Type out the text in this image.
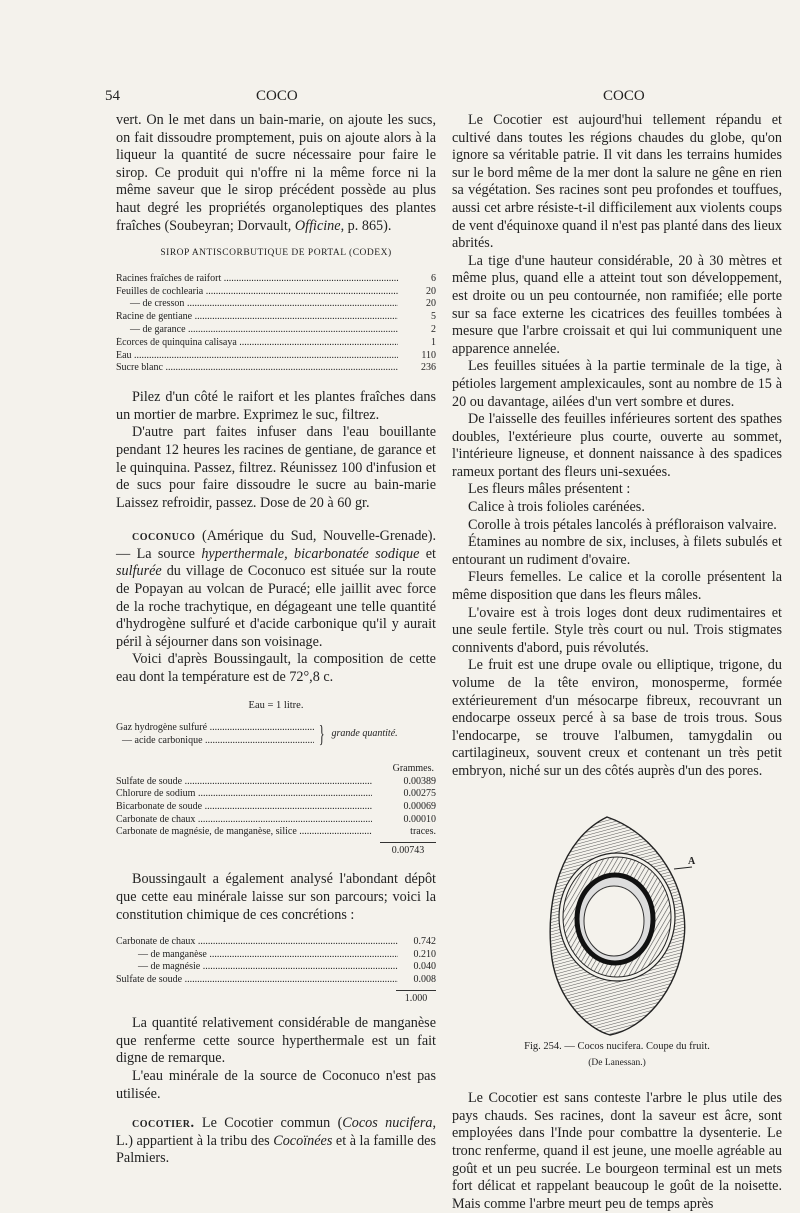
54	COCO	COCO

vert. On le met dans un bain-marie, on ajoute les sucs, on fait dissoudre promptement, puis on ajoute alors à la liqueur la quantité de sucre nécessaire pour faire le sirop. Ce produit qui n'offre ni la même force ni la même saveur que le sirop précédent possède au plus haut degré les propriétés organoleptiques des plantes fraîches (Soubeyran; Dorvault, Officine, p. 865).

SIROP ANTISCORBUTIQUE DE PORTAL (CODEX)
Racines fraîches de raifort .....	6
Feuilles de cochlearia .....	20
— de cresson .....	20
Racine de gentiane .....	5
— de garance .....	2
Écorces de quinquina calisaya .....	1
Eau .....	110
Sucre blanc .....	236

Pilez d'un côté le raifort et les plantes fraîches dans un mortier de marbre. Exprimez le suc, filtrez.

D'autre part faites infuser dans l'eau bouillante pendant 12 heures les racines de gentiane, de garance et le quinquina. Passez, filtrez. Réunissez 100 d'infusion et de sucs pour faire dissoudre le sucre au bain-marie Laissez refroidir, passez. Dose de 20 à 60 gr.

coconuco (Amérique du Sud, Nouvelle-Grenade). — La source hyperthermale, bicarbonatée sodique et sulfurée du village de Coconuco est située sur la route de Popayan au volcan de Puracé; elle jaillit avec force de la roche trachytique, en dégageant une telle quantité d'hydrogène sulfuré et d'acide carbonique qu'il y aurait péril à séjourner dans son voisinage.

Voici d'après Boussingault, la composition de cette eau dont la température est de 72°,8 c.

Eau = 1 litre.
Gaz hydrogène sulfuré .....
— acide carbonique .....	} grande quantité.
Grammes.
Sulfate de soude .....	0.00389
Chlorure de sodium .....	0.00275
Bicarbonate de soude .....	0.00069
Carbonate de chaux .....	0.00010
Carbonate de magnésie, de manganèse, silice .....	traces.
0.00743

Boussingault a également analysé l'abondant dépôt que cette eau minérale laisse sur son parcours; voici la constitution chimique de ces concrétions :

Carbonate de chaux .....	0.742
— de manganèse .....	0.210
— de magnésie .....	0.040
Sulfate de soude .....	0.008
1.000

La quantité relativement considérable de manganèse que renferme cette source hyperthermale est un fait digne de remarque.

L'eau minérale de la source de Coconuco n'est pas utilisée.

cocotier. Le Cocotier commun (Cocos nucifera, L.) appartient à la tribu des Cocoïnées et à la famille des Palmiers.

Le Cocotier est aujourd'hui tellement répandu et cultivé dans toutes les régions chaudes du globe, qu'on ignore sa véritable patrie. Il vit dans les terrains humides sur le bord même de la mer dont la salure ne gêne en rien sa végétation. Ses racines sont peu profondes et touffues, aussi cet arbre résiste-t-il difficilement aux violents coups de vent d'équinoxe quand il n'est pas planté dans des lieux abrités.

La tige d'une hauteur considérable, 20 à 30 mètres et même plus, quand elle a atteint tout son développement, est droite ou un peu contournée, non ramifiée; elle porte sur sa face externe les cicatrices des feuilles tombées à mesure que l'arbre croissait et qui lui communiquent une apparence annelée.

Les feuilles situées à la partie terminale de la tige, à pétioles largement amplexicaules, sont au nombre de 15 à 20 ou davantage, ailées d'un vert sombre et dures.

De l'aisselle des feuilles inférieures sortent des spathes doubles, l'extérieure plus courte, ouverte au sommet, l'intérieure ligneuse, et donnent naissance à des spadices rameux portant des fleurs uni-sexuées.

Les fleurs mâles présentent :

Calice à trois folioles carénées.

Corolle à trois pétales lancolés à préfloraison valvaire.

Étamines au nombre de six, incluses, à filets subulés et entourant un rudiment d'ovaire.

Fleurs femelles. Le calice et la corolle présentent la même disposition que dans les fleurs mâles.

L'ovaire est à trois loges dont deux rudimentaires et une seule fertile. Style très court ou nul. Trois stigmates connivents d'abord, puis révolutés.

Le fruit est une drupe ovale ou elliptique, trigone, du volume de la tête environ, monosperme, formée extérieurement d'un mésocarpe fibreux, recouvrant un endocarpe osseux percé à sa base de trois trous. Sous l'endocarpe, se trouve l'albumen, tamygdalin ou cartilagineux, souvent creux et contenant un très petit embryon, niché sur un des côtés auprès d'un des pores.

A
Fig. 254. — Cocos nucifera. Coupe du fruit.
(De Lanessan.)

Le Cocotier est sans conteste l'arbre le plus utile des pays chauds. Ses racines, dont la saveur est âcre, sont employées dans l'Inde pour combattre la dysenterie. Le tronc renferme, quand il est jeune, une moelle agréable au goût et un peu sucrée. Le bourgeon terminal est un mets fort délicat et rappelant beaucoup le goût de la noisette. Mais comme l'arbre meurt peu de temps après
